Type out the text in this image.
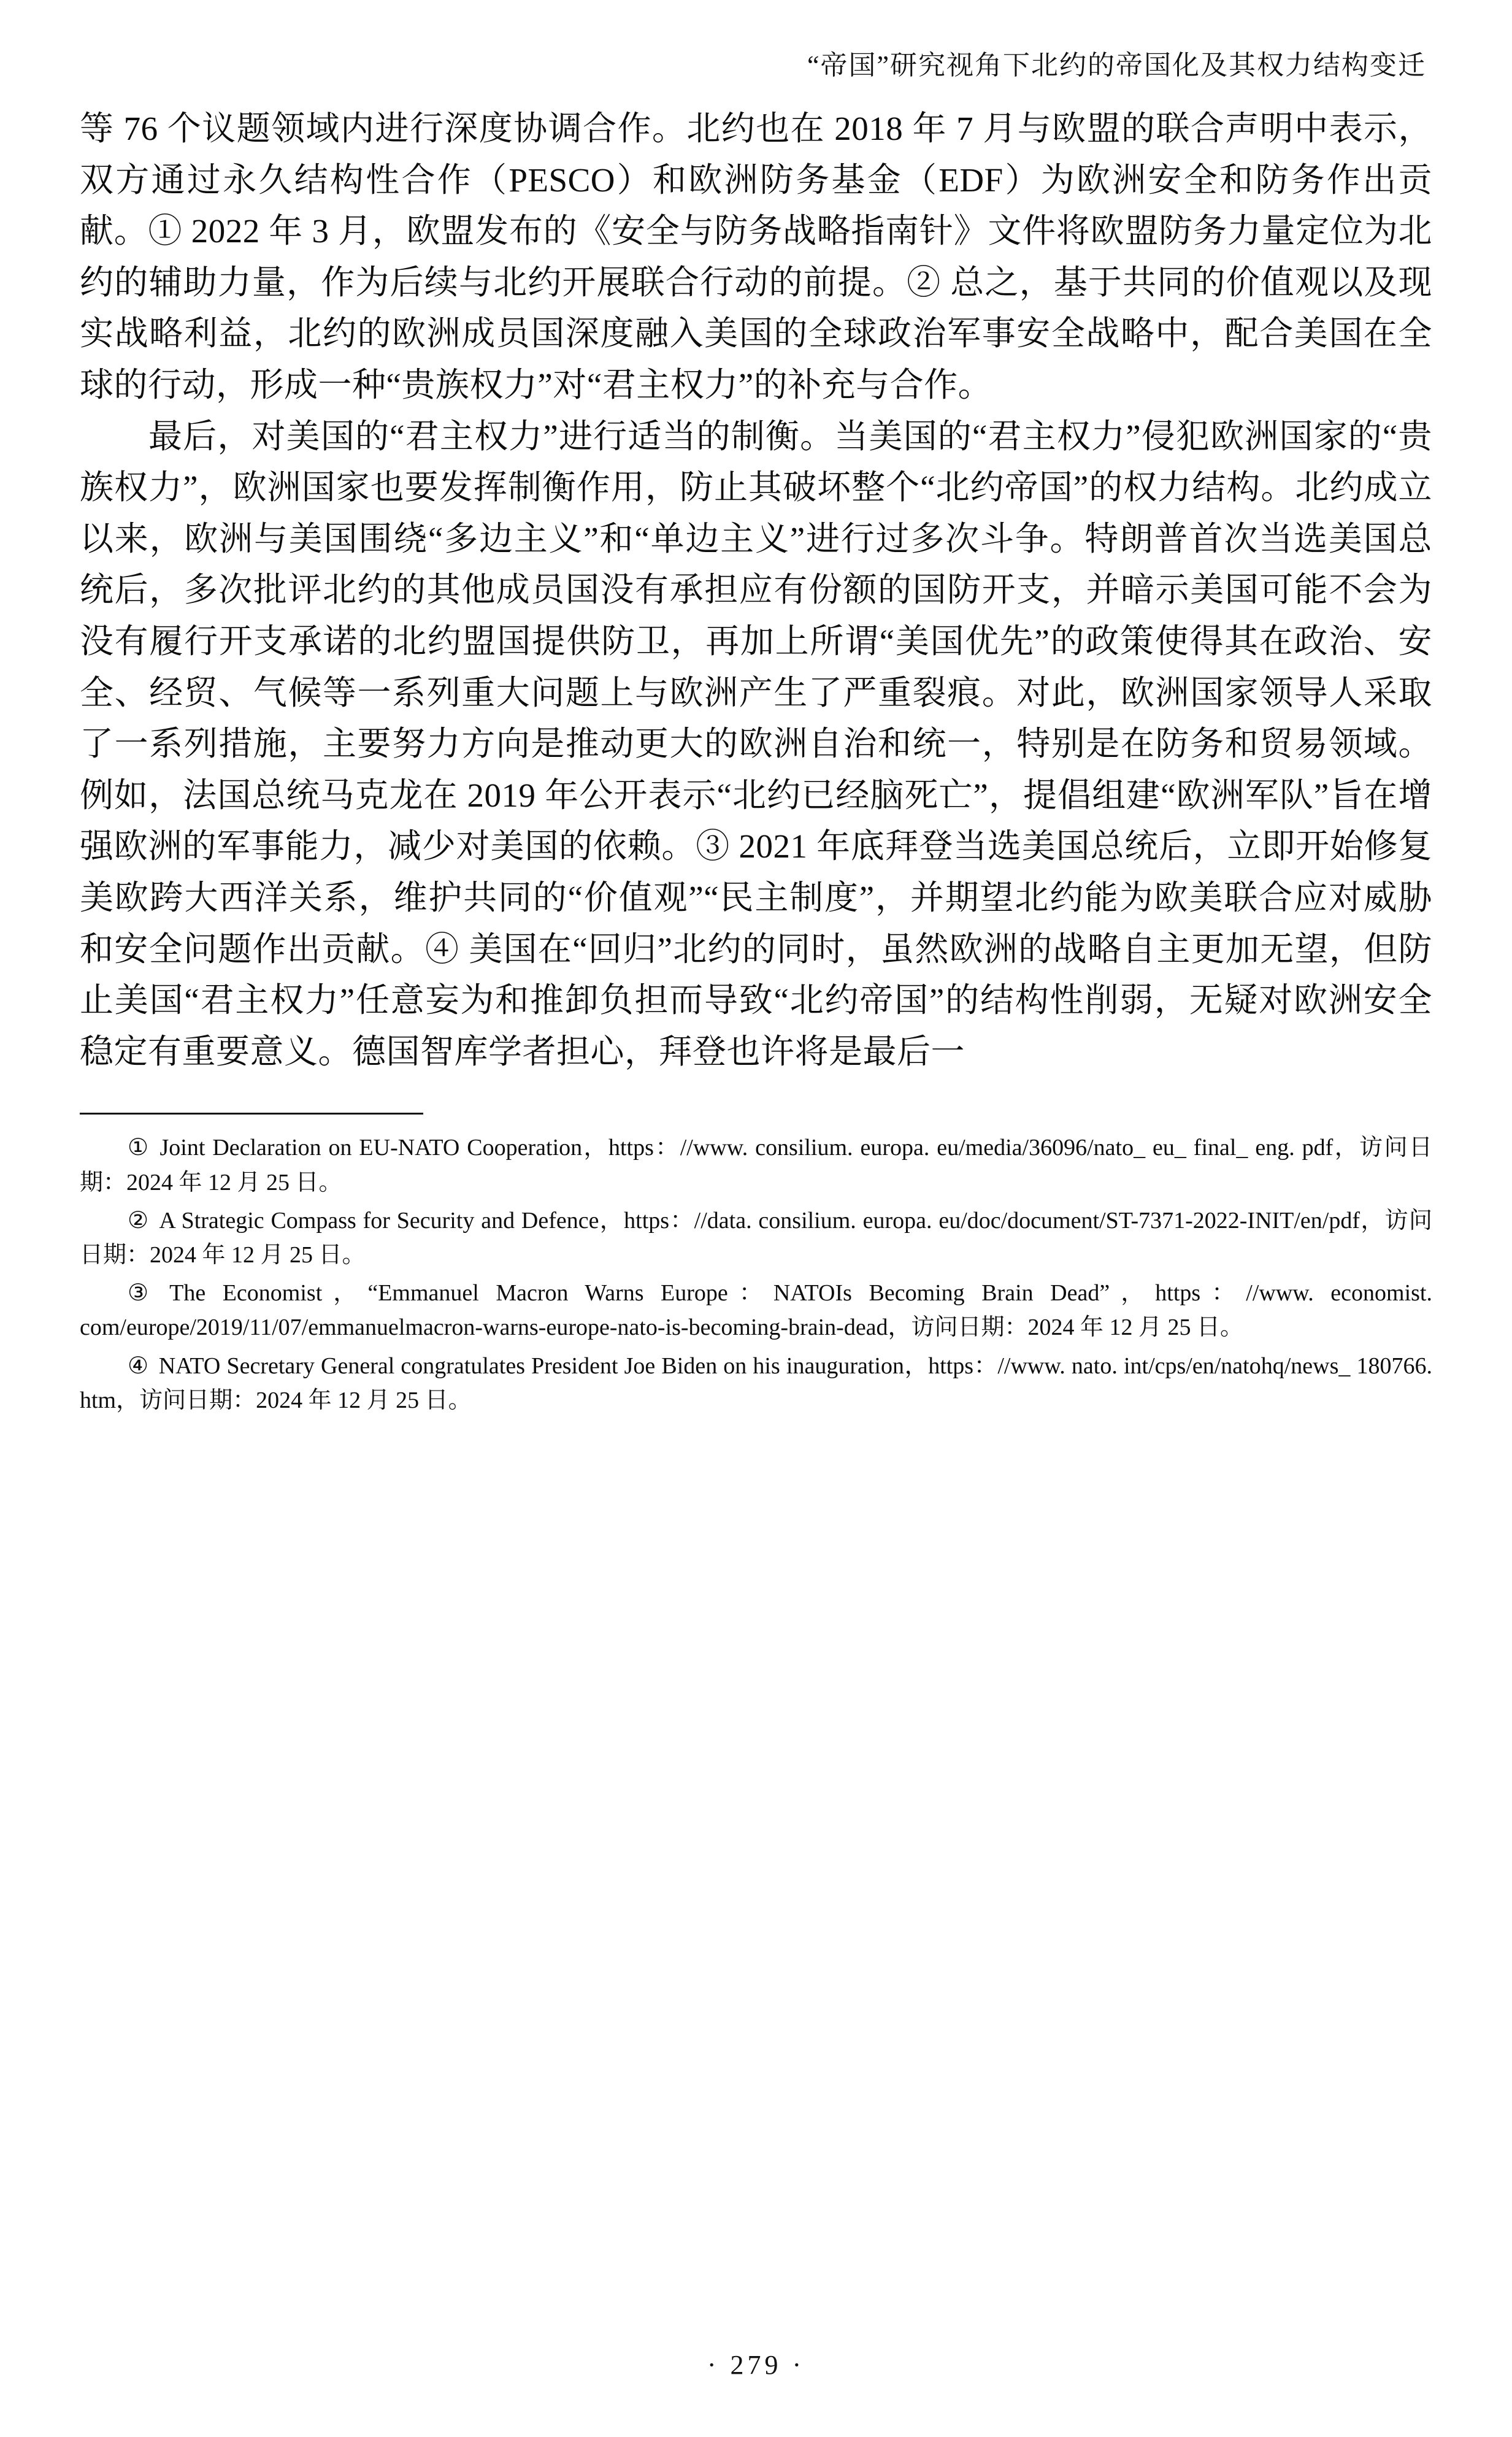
“帝国”研究视角下北约的帝国化及其权力结构变迁

等 76 个议题领域内进行深度协调合作。北约也在 2018 年 7 月与欧盟的联合声明中表示，双方通过永久结构性合作（PESCO）和欧洲防务基金（EDF）为欧洲安全和防务作出贡献。① 2022 年 3 月，欧盟发布的《安全与防务战略指南针》文件将欧盟防务力量定位为北约的辅助力量，作为后续与北约开展联合行动的前提。② 总之，基于共同的价值观以及现实战略利益，北约的欧洲成员国深度融入美国的全球政治军事安全战略中，配合美国在全球的行动，形成一种“贵族权力”对“君主权力”的补充与合作。

最后，对美国的“君主权力”进行适当的制衡。当美国的“君主权力”侵犯欧洲国家的“贵族权力”，欧洲国家也要发挥制衡作用，防止其破坏整个“北约帝国”的权力结构。北约成立以来，欧洲与美国围绕“多边主义”和“单边主义”进行过多次斗争。特朗普首次当选美国总统后，多次批评北约的其他成员国没有承担应有份额的国防开支，并暗示美国可能不会为没有履行开支承诺的北约盟国提供防卫，再加上所谓“美国优先”的政策使得其在政治、安全、经贸、气候等一系列重大问题上与欧洲产生了严重裂痕。对此，欧洲国家领导人采取了一系列措施，主要努力方向是推动更大的欧洲自治和统一，特别是在防务和贸易领域。例如，法国总统马克龙在 2019 年公开表示“北约已经脑死亡”，提倡组建“欧洲军队”旨在增强欧洲的军事能力，减少对美国的依赖。③ 2021 年底拜登当选美国总统后，立即开始修复美欧跨大西洋关系，维护共同的“价值观”“民主制度”，并期望北约能为欧美联合应对威胁和安全问题作出贡献。④ 美国在“回归”北约的同时，虽然欧洲的战略自主更加无望，但防止美国“君主权力”任意妄为和推卸负担而导致“北约帝国”的结构性削弱，无疑对欧洲安全稳定有重要意义。德国智库学者担心，拜登也许将是最后一

① Joint Declaration on EU-NATO Cooperation，https：//www. consilium. europa. eu/media/36096/nato_ eu_ final_ eng. pdf，访问日期：2024 年 12 月 25 日。

② A Strategic Compass for Security and Defence，https：//data. consilium. europa. eu/doc/document/ST-7371-2022-INIT/en/pdf，访问日期：2024 年 12 月 25 日。

③ The Economist，“Emmanuel Macron Warns Europe：NATOIs Becoming Brain Dead”，https：//www. economist. com/europe/2019/11/07/emmanuelmacron-warns-europe-nato-is-becoming-brain-dead，访问日期：2024 年 12 月 25 日。

④ NATO Secretary General congratulates President Joe Biden on his inauguration，https：//www. nato. int/cps/en/natohq/news_ 180766. htm，访问日期：2024 年 12 月 25 日。

· 279 ·
